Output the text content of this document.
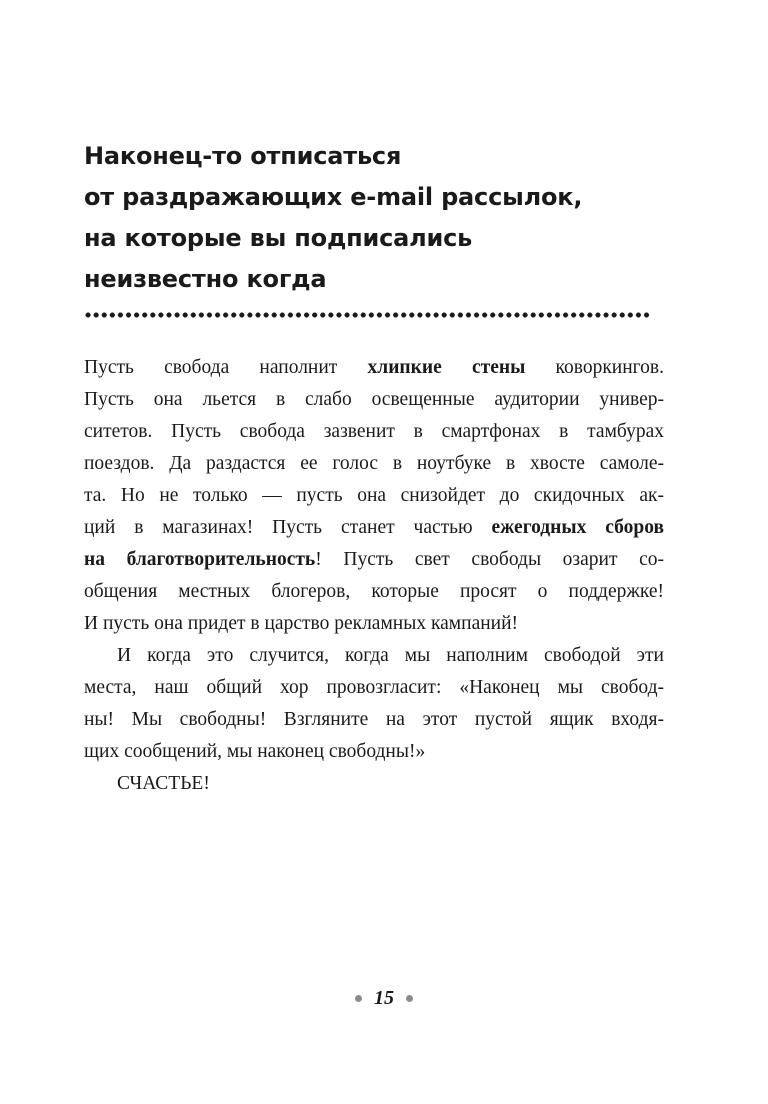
Наконец-то отписаться
от раздражающих e-mail рассылок,
на которые вы подписались
неизвестно когда
Пусть свобода наполнит хлипкие стены коворкингов.
Пусть она льется в слабо освещенные аудитории универ-
ситетов. Пусть свобода зазвенит в смартфонах в тамбурах
поездов. Да раздастся ее голос в ноутбуке в хвосте самоле-
та. Но не только — пусть она снизойдет до скидочных ак-
ций в магазинах! Пусть станет частью ежегодных сборов
на благотворительность! Пусть свет свободы озарит со-
общения местных блогеров, которые просят о поддержке!
И пусть она придет в царство рекламных кампаний!
И когда это случится, когда мы наполним свободой эти
места, наш общий хор провозгласит: «Наконец мы свобод-
ны! Мы свободны! Взгляните на этот пустой ящик входя-
щих сообщений, мы наконец свободны!»
СЧАСТЬЕ!
15
